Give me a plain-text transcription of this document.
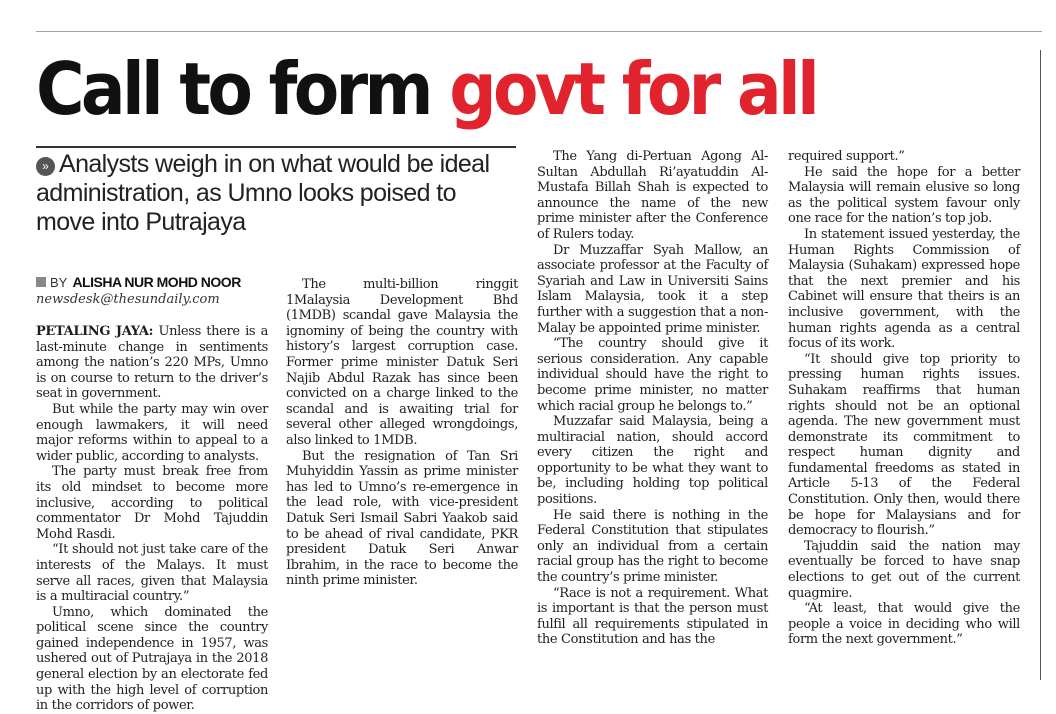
Call to form govt for all
» Analysts weigh in on what would be ideal administration, as Umno looks poised to move into Putrajaya
BY ALISHA NUR MOHD NOOR
newsdesk@thesundaily.com

PETALING JAYA: Unless there is a last-minute change in sentiments among the nation’s 220 MPs, Umno is on course to return to the driver’s seat in government.

But while the party may win over enough lawmakers, it will need major reforms within to appeal to a wider public, according to analysts.

The party must break free from its old mindset to become more inclusive, according to political commentator Dr Mohd Tajuddin Mohd Rasdi.

“It should not just take care of the interests of the Malays. It must serve all races, given that Malaysia is a multiracial country.”

Umno, which dominated the political scene since the country gained independence in 1957, was ushered out of Putrajaya in the 2018 general election by an electorate fed up with the high level of corruption in the corridors of power.

The multi-billion ringgit 1Malaysia Development Bhd (1MDB) scandal gave Malaysia the ignominy of being the country with history’s largest corruption case. Former prime minister Datuk Seri Najib Abdul Razak has since been convicted on a charge linked to the scandal and is awaiting trial for several other alleged wrongdoings, also linked to 1MDB.

But the resignation of Tan Sri Muhyiddin Yassin as prime minister has led to Umno’s re-emergence in the lead role, with vice-president Datuk Seri Ismail Sabri Yaakob said to be ahead of rival candidate, PKR president Datuk Seri Anwar Ibrahim, in the race to become the ninth prime minister.

The Yang di-Pertuan Agong Al-Sultan Abdullah Ri’ayatuddin Al-Mustafa Billah Shah is expected to announce the name of the new prime minister after the Conference of Rulers today.

Dr Muzzaffar Syah Mallow, an associate professor at the Faculty of Syariah and Law in Universiti Sains Islam Malaysia, took it a step further with a suggestion that a non-Malay be appointed prime minister.

“The country should give it serious consideration. Any capable individual should have the right to become prime minister, no matter which racial group he belongs to.”

Muzzafar said Malaysia, being a multiracial nation, should accord every citizen the right and opportunity to be what they want to be, including holding top political positions.

He said there is nothing in the Federal Constitution that stipulates only an individual from a certain racial group has the right to become the country’s prime minister.

“Race is not a requirement. What is important is that the person must fulfil all requirements stipulated in the Constitution and has the

required support.”

He said the hope for a better Malaysia will remain elusive so long as the political system favour only one race for the nation’s top job.

In statement issued yesterday, the Human Rights Commission of Malaysia (Suhakam) expressed hope that the next premier and his Cabinet will ensure that theirs is an inclusive government, with the human rights agenda as a central focus of its work.

“It should give top priority to pressing human rights issues. Suhakam reaffirms that human rights should not be an optional agenda. The new government must demonstrate its commitment to respect human dignity and fundamental freedoms as stated in Article 5-13 of the Federal Constitution. Only then, would there be hope for Malaysians and for democracy to flourish.”

Tajuddin said the nation may eventually be forced to have snap elections to get out of the current quagmire.

“At least, that would give the people a voice in deciding who will form the next government.”
